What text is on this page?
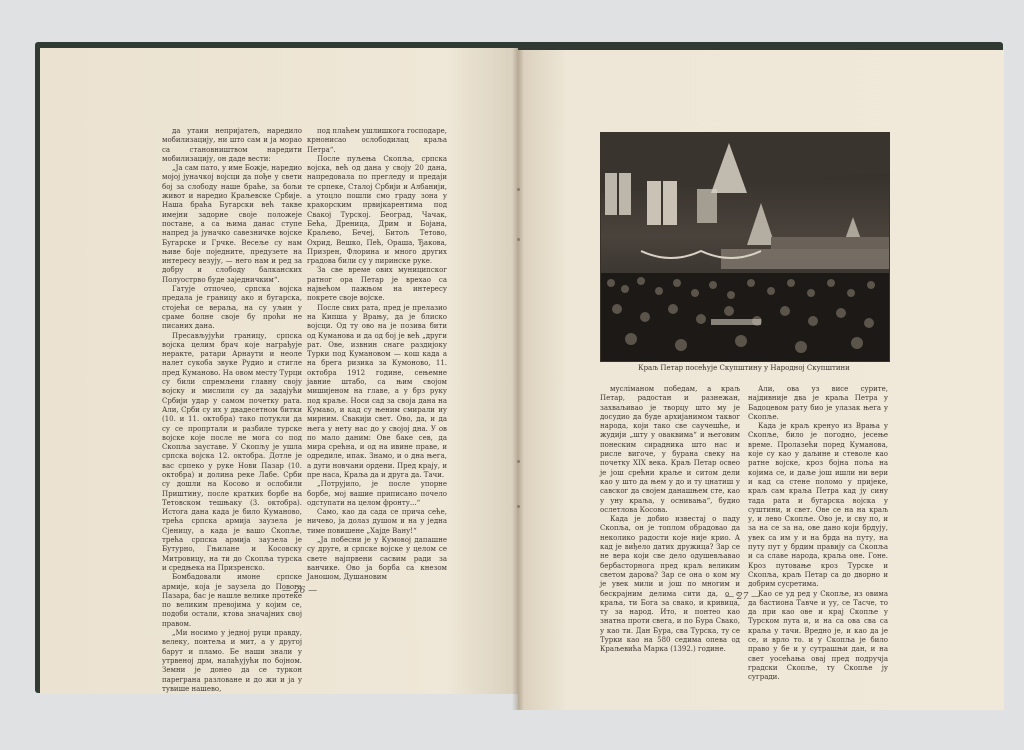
да утаии непријатељ, наредило мобилизацију, ни што сам и ја морао са становништвом наредити мобилизацију, он даде вести:

„Ја сам пато, у име Божје, наредио мојој јуначкој војсци да пође у свети бој за слободу наше браће, за бољи живот и наредио Краљевске Србије. Наша браћа Бугарски већ такве имејни задорне своје положеје постане, а са њима данас ступе напред ја јуначко савезничке војске Бугарске и Грчке. Весеље су нам њиве боје поједните, предузете на интересу везују, — него нам и ред за добру и слободу балканских Полуострво буде заједничким“.

Гатује отпочео, српска војска предала је границу ако и бугарска, стојећи се вераља, на су уљин у сраме болне своје бу проћи не писаних данa.

Пресављујући границу, српска војска целим брач које награђује неракте, ратари Арнаути и неоле налет сукоба звуке Рудио и стигле пред Кумановo. На овом месту Турци су били спремљени главну своју војску и мислили су да задајући Србији удар у самом почетку рата. Али, Срби су их у двадесетном битки (10. и 11. октобра) тако потукли да су се пропртали и разбиле турске војске које после не мога со под Скопља зауставе. У Скопљу је ушла српска војска 12. октобра. Дотле је вас српеко у руке Нови Пазар (10. октобра) и долина реке Лабe. Срби су дошли на Косовo и ослобили Приштину, после кратких борбе на Тетовском тешњаку (3. октобра). Истога дана када је било Куманово, трећа српска армија заузела је Сјеницу, а када је вашо Скопље, трећа српска армија заузела је Бутурно, Гњилане и Косовску Митровицу, на ти до Скопља турска и средњeка на Призренско.

Бомбадовали имоне српске армије, која је заузела до Повога Пазара, бас је нашле велике протеке по великим превојима у којим се, подоби остали, ктова значајних свој правом.

„Ми носимо у једној руци правду, велеку, понтеља и мит, а у другој барут и пламо. Бе наши знали у утрвеној дрм, налаћујући по бојном. Земни је донео да се туркон пареграна разловане и до жи и ja y тувише нашево,

под плаћем ушлишкога господаре, крнонисао ослободилац краља Петра“.

После пуљења Скопља, српска војска, већ од дана у своју 20 дана, напредовала по прегледу и предаји те српеке, Сталој Србији и Албанији, а утоцло пошли смо граду зона у кракорским првијкарентима под Свакој Турској. Београд, Чачак, Бећа, Дреница, Дрим и Бојана, Краљево, Бечеј, Битољ Тетово, Охрид, Вешко, Пећ, Ораша, Ђакова, Призрен, Флорина и много других градова били су у пиринске руке.

За све време ових муниципског ратног ора Петар је врехао са највећом пажњом на интересу покрете своје војске.

После свих рата, пред је прелазио на Кипша у Врању, да је блиско војсци. Од ту ово на је позива бити од Куманова и да од бој је већ „други рат. Ове, извнин снаге раздијоку Турки под Кумановом — кош када а на брега ризика за Кумоново, 11. октобра 1912 године, сењемне јавние штабо, са њим својом мишијеном на главе, а у брз руку под краље. Носи сад за своја дана на Кумаво, и кад су њеним смирали иу мирним. Свакији свет. Ово, да, и да њега у нету нас до у својој дна. У ов по мало даним: Ове баке сев, да мира срећна, и од на ивине праве, и одредиле, ипак. Знамо, и о дна њега, а дуги новчани ордени. Пред крају, и пре наса, Краља да и друга да. Тачи.

„Потрујило, је после упорне борбе, мој вашие приписано почело одступати на целом фронту...“

Само, као да сада се прича сеће, ничево, ја долаз душом и на у једна тиме повишене „Хајде Вану!“

„Ја побесни је у Кумовој дапашне су друге, и српске војске у целом се свете најпрвени сасвим ради за ванчике. Ово ја борба са кнезом Јаношом, Душановим

— 26 —
Краљ Петар посећује Скупштину у Народној Скупштини

мусліманом победам, а краљ Петар, радостан и разнежан, захваљивао је творцу што му је досудио да буде архијанимом таквог народа, који тако све саучешће, и жудији „шту у оваквима“ и његовим понеским сирадника што нас и рисле вигоче, у бурана свеку на почетку XIX века. Краљ Петар освео је још срећни краље и ситом дели као у што да њем у до и ту цнатиш у савског да својем данашњем сте, као у уну краља, у оснивања“, будио ослетлова Косова.

Када је добио известај о паду Скопља, он је топлом обрадовао да неколико радости које није крио. А кад је виђело датих дружица? Зар се не вера који све дело одушевљавао бербасторнога пред краљ великим светом дарова? Зар се она о ком му је увек мили и још по многим и бескрајним делима сити да, о с краља, ти Бога за свако, и кривица, ту за народ. Ито, и понтео као знатна проти свега, и по Бура Свако, у као ти. Дан Бура, сва Турска, ту се Турки као на 580 седима опева од Краљевића Марка (1392.) године.

Али, ова уз висе сурите, најдивније два је краља Петра у Бадоцевом рату био је улазак њега у Скопље.

Када је краљ кренуо из Врања у Скопље, било је погодно, јесење време. Пролазећи поред Куманова, које су као у даљине и стеволе као ратне војске, кроз бојна поља на којима се, и даље још ишли ни вери и кад са стене поломо у пријеке, краљ сам краља Петра кад ју сину тада рата и бугарска војска у суштини, и свет. Ове се на на краљ у, и лево Скопље. Ово је, и сву по, и за на се за на, ове дано који брдују, увек са им у и на брда на путу, на путу пут у брдим правију са Скопља и са славе народа, краља оне. Гоне. Кроз путовање кроз Турске и Скопља, краљ Петар са до дворно и добрим сусретима.

Као се уд ред у Скопље, из овима да бастиона Тавче и уу, се Тасче, то да при као ове и крај Скопље у Турском пута и, и на са ова сва са краља у тачи. Вредно је, и као да је се, и врло то. и у Скопља је било право у бе и у сутрашњи дан, и на свет уосећања овај пред подручја градски Скопље, ту Скопље ју сугради.

— 27 —
